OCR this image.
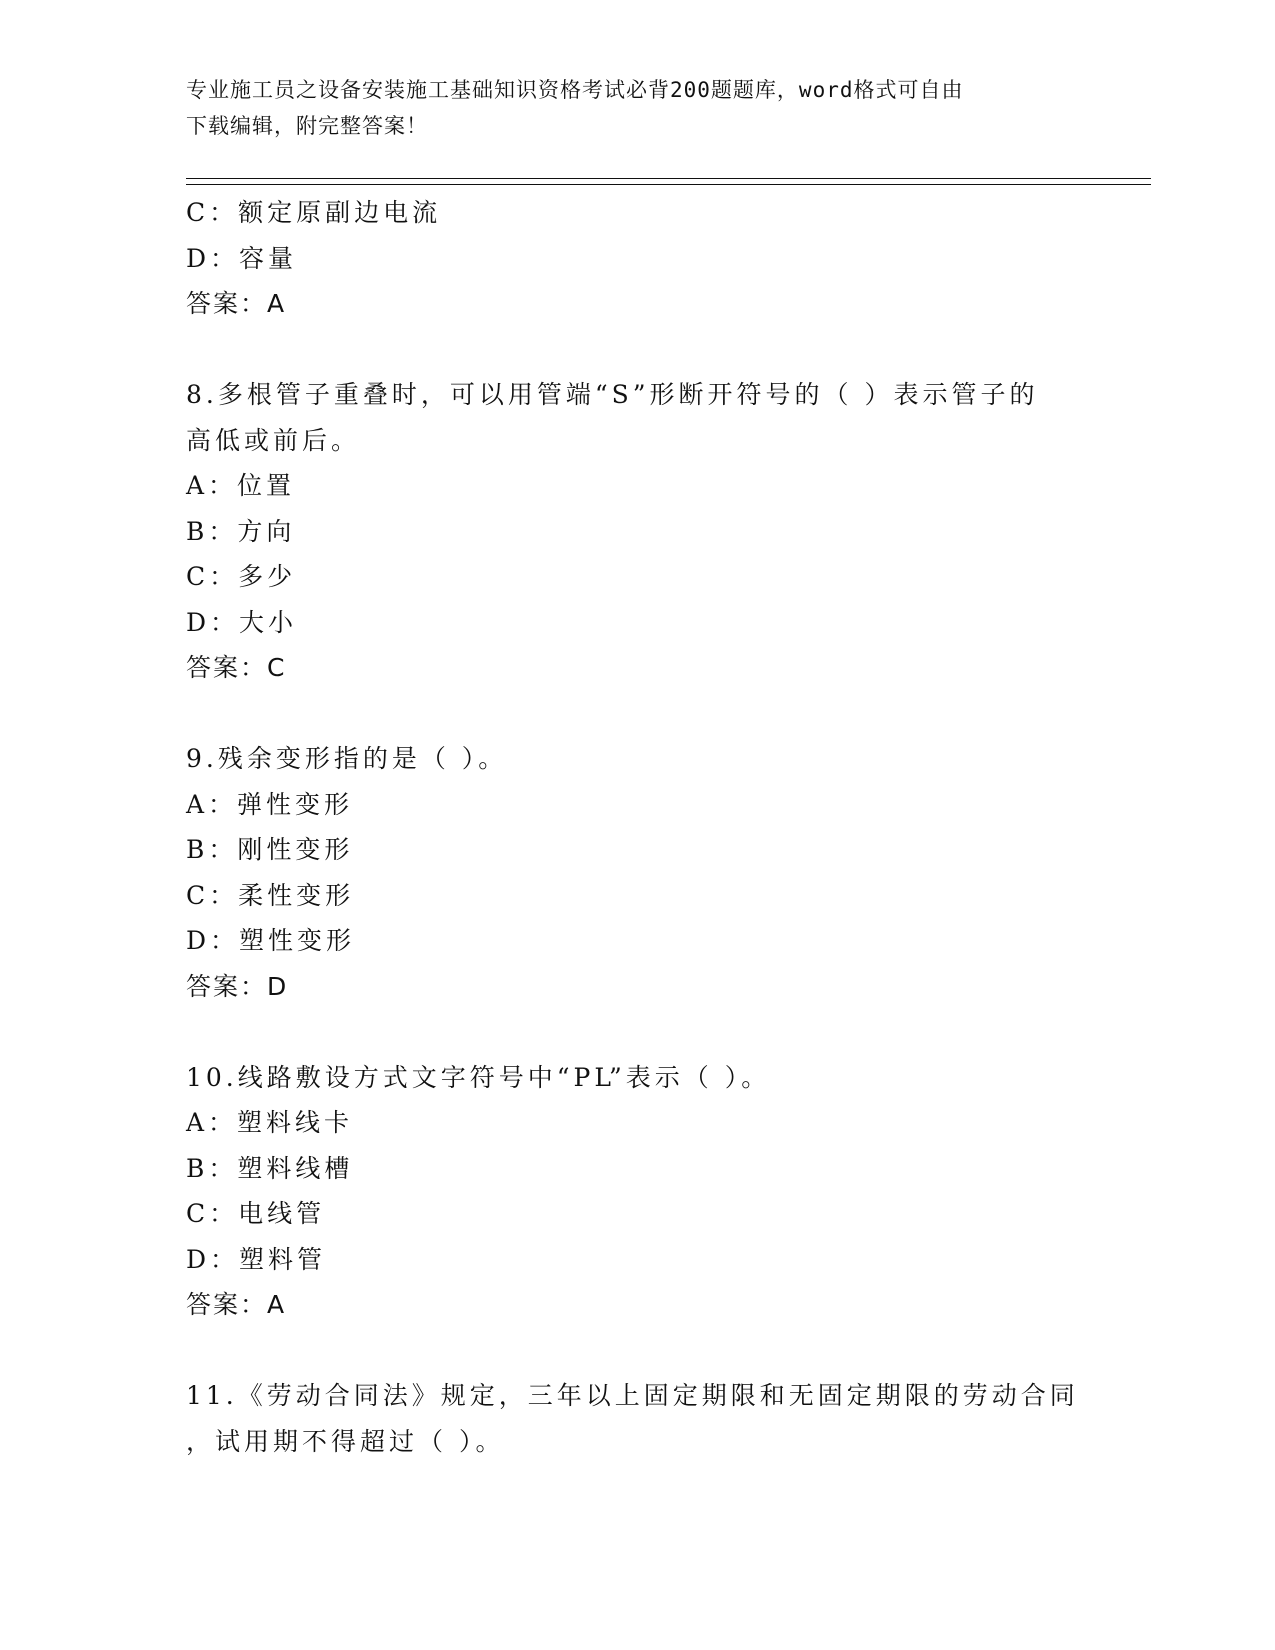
专业施工员之设备安装施工基础知识资格考试必背200题题库，word格式可自由
下载编辑，附完整答案！
C：额定原副边电流
D：容量
答案：A
8.多根管子重叠时，可以用管端“S”形断开符号的（ ）表示管子的
高低或前后。
A：位置
B：方向
C：多少
D：大小
答案：C
9.残余变形指的是（ ）。
A：弹性变形
B：刚性变形
C：柔性变形
D：塑性变形
答案：D
10.线路敷设方式文字符号中“PL”表示（ ）。
A：塑料线卡
B：塑料线槽
C：电线管
D：塑料管
答案：A
11.《劳动合同法》规定，三年以上固定期限和无固定期限的劳动合同
，试用期不得超过（ ）。
